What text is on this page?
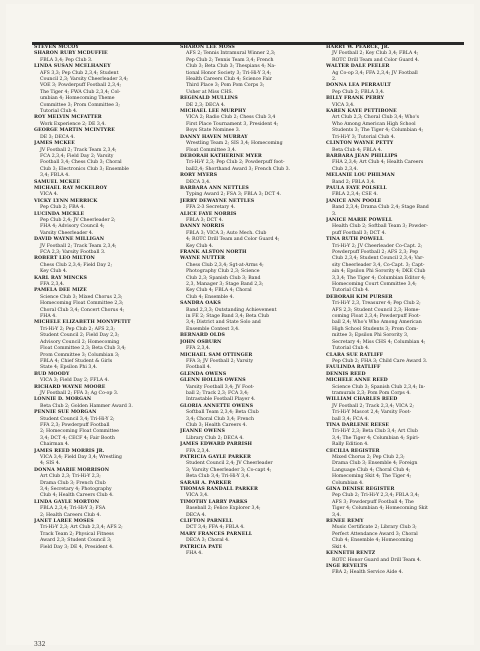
STEVEN MCCOY
SHARON RUBY MCDUFFIE
FBLA 3,4; Pep Club 3.
LINDA SUSAN MCELHANEY
AFS 3,3; Pep Club 2,3,4; Student
Council 2,3; Varsity Cheerleader 3,4;
VOE 3; Powderpuff Football 2,3,4;
The Tiger 4; FWA Club 2,3,4; Col-
umbian 4; Homecoming Theme
Committee 3; Prom Committee 3;
Tutorial Club 4.
ROY MELVIN MCFATTER
Work Experience 2; DE 3,4.
GEORGE MARTIN MCINTYRE
DE 3; DECA 4.
JAMES MCKEE
JV Football 2; Track Team 2,3,4;
FCA 2,3,4; Field Day 2; Varsity
Football 3,4; Chess Club 3; Choral
Club 3; Electronics Club 3; Ensemble
3,4; FBLA 4.
SAMUEL MCKEE
MICHAEL RAY MCKELROY
VICA 4.
VICKY LYNN MERRICK
Pep Club 2; FBA 4.
LUCINDA MICKLE
Pep Club 2,4; JV Cheerleader 2;
FHA 4; Advisory Council 4;
Varsity Cheerleader 4.
DAVID WAYNE MILLIGAN
JV Football 2; Track Team 2,3,4;
FCA 2,3; Varsity Football 3.
ROBERT LEO MILTON
Chess Club 2,3,4; Field Day 2;
Key Club 4.
KARL RAY MINCKS
FFA 2,3,4.
PAMELA DEE MIZE
Science Club 3; Mixed Chorus 2,3;
Homecoming Float Committee 2,3;
Choral Club 3,4; Concert Chorus 4;
FHA 4.
MICHELE ELIZABETH MONYPETIT
Tri-Hi-Y 2; Pep Club 2; AFS 2,3;
Student Council 2; Field Day 2,3;
Advisory Council 2; Homecoming
Float Committee 2,3; Beta Club 3,4;
Prom Committee 3; Columbian 3;
FBLA 4; Chief Student & Girls
State 4; Epsilon Phi 3,4.
BUD MOODY
VICA 3; Field Day 2; FFLA 4.
RICHARD WAYNE MOORE
JV Football 2; FFA 3; Ag Co-op 3.
LONNIE D. MORGAN
Beta Club 2; Golden Hammer Award 3.
PENNIE SUE MORGAN
Student Council 3,4; Tri-Hi-Y 2;
FFA 2,3; Powderpuff Football
2; Homecoming Float Committee
3,4; DCT 4; CECF 4; Fair Booth
Chairman 4.
JAMES REED MORRIS JR.
VICA 3,4; Field Day 3,4; Wrestling
4; SIS 4.
DONNA MARIE MORRISON
Art Club 2,3; Tri-Hi-Y 2,3;
Drama Club 3; French Club
3,4; Secretary 4; Photography
Club 4; Health Careers Club 4.
LINDA GAYLE MORTON
FBLA 2,3,4; Tri-Hi-Y 3; FSA
2; Health Careers Club 4.
JANET LAREE MOSES
Tri-Hi-Y 2,3; Art Club 2,3,4; AFS 2;
Track Team 2; Physical Fitness
Award 2,3; Student Council 3;
Field Day 3; DE 4, President 4.
SHARON LEE MOSS
AFS 2; Tennis Intramural Winner 2,3;
Pep Club 2; Tennis Team 3,4; French
Club 3; Beta Club 3; Thespians 4; Na-
tional Honor Society 3; Tri-Hi-Y 3,4;
Health Careers Club 4; Science Fair
Third Place 3; Pom Pom Corps 3;
Usher at Miss CHS.
REGINALD MULLINS
DE 2,3; DECA 4.
MICHAEL LEE MURPHY
VICA 2; Radio Club 2; Chess Club 3,4
First Place Tournament 3, President 4;
Boys State Nominee 3.
DANNY HAVEN MURRAY
Wrestling Team 2; SIS 3,4; Homecoming
Float Committee 3,4.
DEBORAH KATHERINE MYER
Tri-Hi-Y 2,3; Pep Club 2; Powderpuff foot-
ball2,4; Shorthand Award 3; French Club 3.
RORY MYERS
DECA 3,4.
BARBARA ANN NETTLES
Typing Award 2; FSA 3; FBLA 3; DCT 4.
JERRY DEWAYNE NETTLES
FFA 2-3 Secretary 4.
ALICE FAYE NORRIS
FBLA 3; DCT 4.
DANNY NORRIS
FBLA 3; VICA 3; Auto Mech. Club
4; ROTC Drill Team and Color Guard 4;
Key Club 4.
FRANK ALSTON NORTH
WAYNE NUTTER
Chess Club 2,3,4; Sgt-at-Arms 4;
Photography Club 2,3; Science
Club 2,3; Spanish Club 3; Band
2,3, Manager 3; Stage Band 2,3;
Key Club 4; FBLA 4; Choral
Club 4; Ensemble 4.
SANDRA OAKS
Band 2,3,3; Outstanding Achievement
in FE 2; Stage Band 3,4; Beta Club
3,4; District and State Solo and
Ensemble Contest 3,4.
BERNARD OLDS
JOHN OSBURN
FFA 2,3,4.
MICHAEL SAM OTTINGER
FFA 3; JV Football 2; Varsity
Football 4.
GLENDA OWENS
GLENN HOLLIS OWENS
Varsity Football 3,4; JV Foot-
ball 2; Track 2,3; FCA 3,4;
Intrastable Football Player 4.
GLORIA ANNETTE OWENS
Softball Team 2,3,4; Beta Club
3,4; Choral Club 3,4; French
Club 3; Health Careers 4.
JEANNE OWENS
Library Club 2; DECA 4.
JAMES EDWARD PARRISH
FFA 2,3,4.
PATRICIA GAYLE PARKER
Student Council 2,4; JV Cheerleader
3; Varsity Cheerleader 3; Co-capt 4;
Beta Club 3,4; Tri-Hi-Y 3,4.
SARAH A. PARKER
THOMAS RANDALL PARKER
VICA 3,4.
TIMOTHY LARRY PARKS
Baseball 2; Felice Explorer 3,4;
DECA 4.
CLIFTON PARNELL
DCT 3,4; FFA 4; FBLA 4.
MARY FRANCES PARNELL
DECA 3; Choral 4.
PATRICIA PATE
FHA 4.
HARRY W. PEARCE, JR.
JV Football 2; Key Club 3,4; FBLA 4;
ROTC Drill Team and Color Guard 4.
WALTER DALE PEELER
Ag Co-op 3,4; FFA 2,3,4; JV Football
2.
DONNA LEA PERRAULT
Pep Club 2; FBLA 3,4.
BILLY FRANK PERRY
VICA 3,4.
KAREN KAYE PETTIBONE
Art Club 2,3; Choral Club 3,4; Who's
Who Among American High School
Students 3; The Tiger 4; Columbian 4;
Tri-Hi-Y 3; Tutorial Club 4.
CLINTON WAYNE PETTY
Beta Club 4; FBLA 4.
BARBARA JEAN PHILLIPS
FHA 2,3,4; Art Club 4; Health Careers
Club 2,3,4.
MELANIE LOU PHILMAN
Band 2; FBLA 3,4.
PAULA FAYE POLSELL
FBLA 2,3,4; CSE 4.
JANICE ANN POOLE
Band 2,3,4; Drama Club 2,4; Stage Band
3.
JANICE MARIE POWELL
Health Club 2; Softball Team 3; Powder-
puff Football 3; DCT 4.
TINA RUTH POWELL
Tri-Hi-Y 2; JV Cheerleader Co-Capt. 2;
Powderpuff Football 2; AFS 2,3; Pep
Club 2,3,4; Student Council 2,3,4; Var-
sity Cheerleader 3,4, Co-Capt. 3; Capt-
ain 4; Epsilon Phi Sorority 4; DKE Club
3,3,4; The Tiger 4; Columbian Editor 4;
Homecoming Court Committee 3,4;
Tutorial Club 4.
DEBORAH KIM PURSER
Tri-Hi-Y 2,3, Treasurer 4; Pep Club 2;
AFS 2,3; Student Council 2,3; Home-
coming Float 2,3,4; Powderpuff Foot-
ball 2,4; Who's Who Among American
High School Students 3; Prom Com-
mittee 3; Epsilon Phi Sorority 3,
Secretary 4; Miss CHS 4; Columbian 4;
Tutorial Club 4.
CLARA SUE RATLIFF
Pep Club 2; FHA 3; Child Care Award 3.
FAULINDA RATLIFF
DENNIS REED
MICHELE ANNE REED
Science Club 3; Spanish Club 2,3,4; In-
tramurals 2,3; Pom Pom Corps 4.
WILLIAM CHARLES REED
JV Football 2; Track 2,3,4; VICA 2;
Tri-Hi-Y Mascot 2,4; Varsity Foot-
ball 3,4; FCA 4.
TINA DARLENE REESE
Tri-Hi-Y 2,3; Beta Club 3,4; Art Club
3,4; The Tiger 4; Columbian 4; Spiri-
Rally Edition 4.
CECILIA REGISTER
Mixed Chorus 2; Pep Club 2,3;
Drama Club 3; Ensemble 4; Foreign
Language Club 4; Choral Club 4;
Homecoming Skit 4; The Tiger 4;
Columbian 4.
GINA DENISE REGISTER
Pep Club 2; Tri-Hi-Y 2,3,4; FBLA 3,4;
AFS 3; Powderpuff Football 4; The
Tiger 4; Columbian 4; Homecoming Skit
3,4.
RENEE REMY
Music Certificate 2; Library Club 3;
Perfect Attendance Award 3; Choral
Club 4; Ensemble 4; Homecoming
Skit 4.
KENNETH RENTZ
ROTC Honor Guard and Drill Team 4.
INGE REVELTS
FBA 2; Health Service Aide 4.
332
